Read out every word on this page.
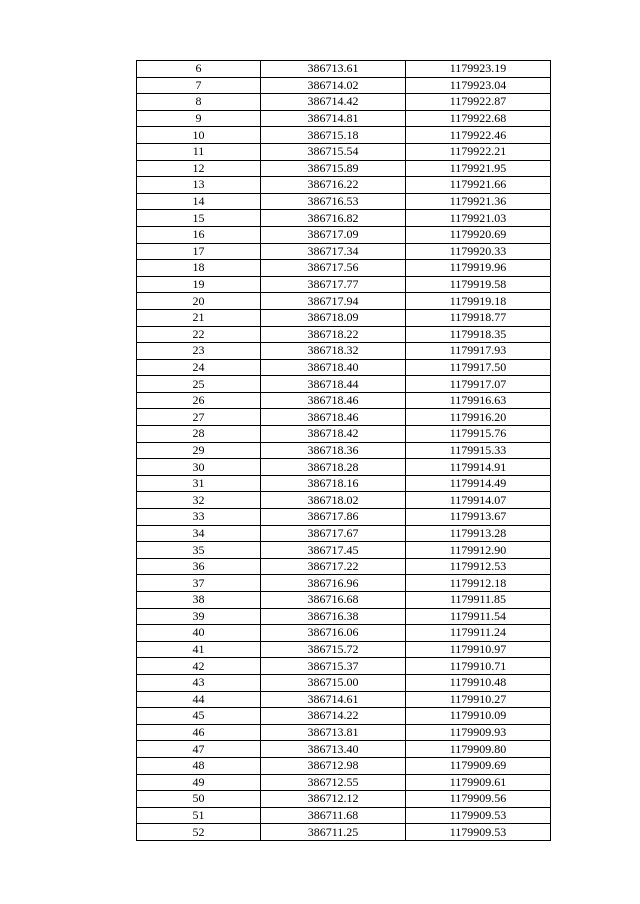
6	386713.61	1179923.19
7	386714.02	1179923.04
8	386714.42	1179922.87
9	386714.81	1179922.68
10	386715.18	1179922.46
11	386715.54	1179922.21
12	386715.89	1179921.95
13	386716.22	1179921.66
14	386716.53	1179921.36
15	386716.82	1179921.03
16	386717.09	1179920.69
17	386717.34	1179920.33
18	386717.56	1179919.96
19	386717.77	1179919.58
20	386717.94	1179919.18
21	386718.09	1179918.77
22	386718.22	1179918.35
23	386718.32	1179917.93
24	386718.40	1179917.50
25	386718.44	1179917.07
26	386718.46	1179916.63
27	386718.46	1179916.20
28	386718.42	1179915.76
29	386718.36	1179915.33
30	386718.28	1179914.91
31	386718.16	1179914.49
32	386718.02	1179914.07
33	386717.86	1179913.67
34	386717.67	1179913.28
35	386717.45	1179912.90
36	386717.22	1179912.53
37	386716.96	1179912.18
38	386716.68	1179911.85
39	386716.38	1179911.54
40	386716.06	1179911.24
41	386715.72	1179910.97
42	386715.37	1179910.71
43	386715.00	1179910.48
44	386714.61	1179910.27
45	386714.22	1179910.09
46	386713.81	1179909.93
47	386713.40	1179909.80
48	386712.98	1179909.69
49	386712.55	1179909.61
50	386712.12	1179909.56
51	386711.68	1179909.53
52	386711.25	1179909.53
